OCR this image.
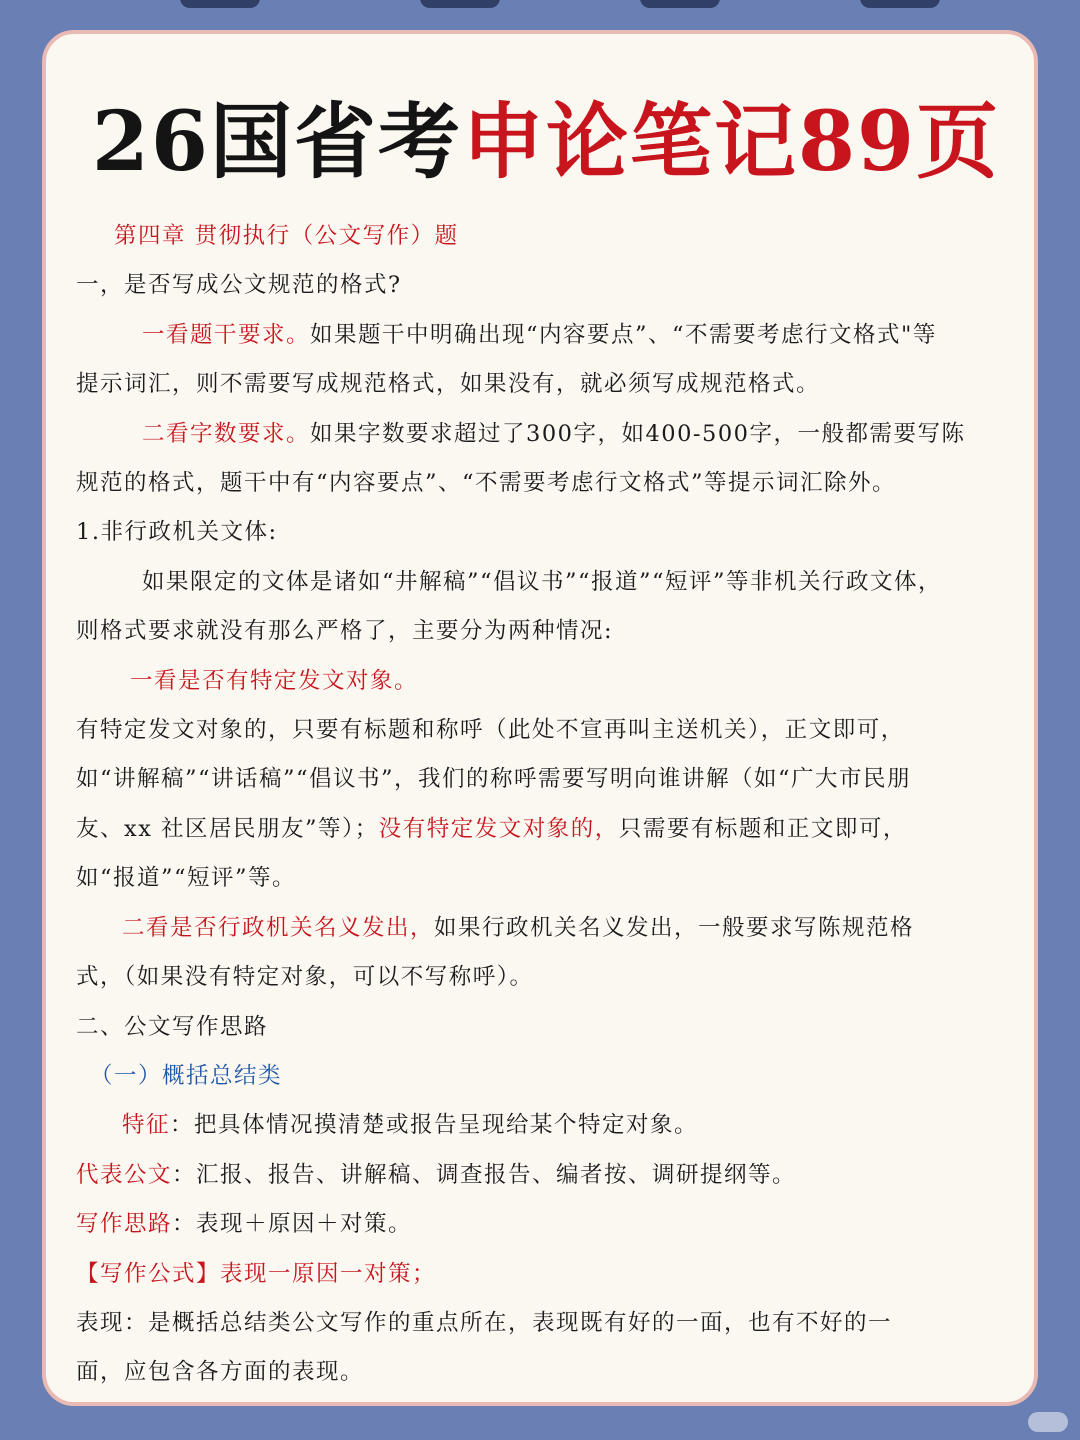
26国省考申论笔记89页

第四章 贯彻执行（公文写作）题

一，是否写成公文规范的格式?

一看题干要求。如果题干中明确出现“内容要点”、“不需要考虑行文格式"等

提示词汇，则不需要写成规范格式，如果没有，就必须写成规范格式。

二看字数要求。如果字数要求超过了300字，如400-500字，一般都需要写陈

规范的格式，题干中有“内容要点”、“不需要考虑行文格式”等提示词汇除外。

1.非行政机关文体:

如果限定的文体是诸如“井解稿”“倡议书”“报道”“短评”等非机关行政文体，

则格式要求就没有那么严格了，主要分为两种情况:

一看是否有特定发文对象。

有特定发文对象的，只要有标题和称呼（此处不宣再叫主送机关），正文即可，

如“讲解稿”“讲话稿”“倡议书”，我们的称呼需要写明向谁讲解（如“广大市民朋

友、xx 社区居民朋友”等）；没有特定发文对象的，只需要有标题和正文即可，

如“报道”“短评”等。

二看是否行政机关名义发出，如果行政机关名义发出，一般要求写陈规范格

式，（如果没有特定对象，可以不写称呼）。

二、公文写作思路

（一）概括总结类

特征：把具体情况摸清楚或报告呈现给某个特定对象。

代表公文：汇报、报告、讲解稿、调查报告、编者按、调研提纲等。

写作思路：表现＋原因＋对策。

【写作公式】表现一原因一对策；

表现：是概括总结类公文写作的重点所在，表现既有好的一面，也有不好的一

面，应包含各方面的表现。
